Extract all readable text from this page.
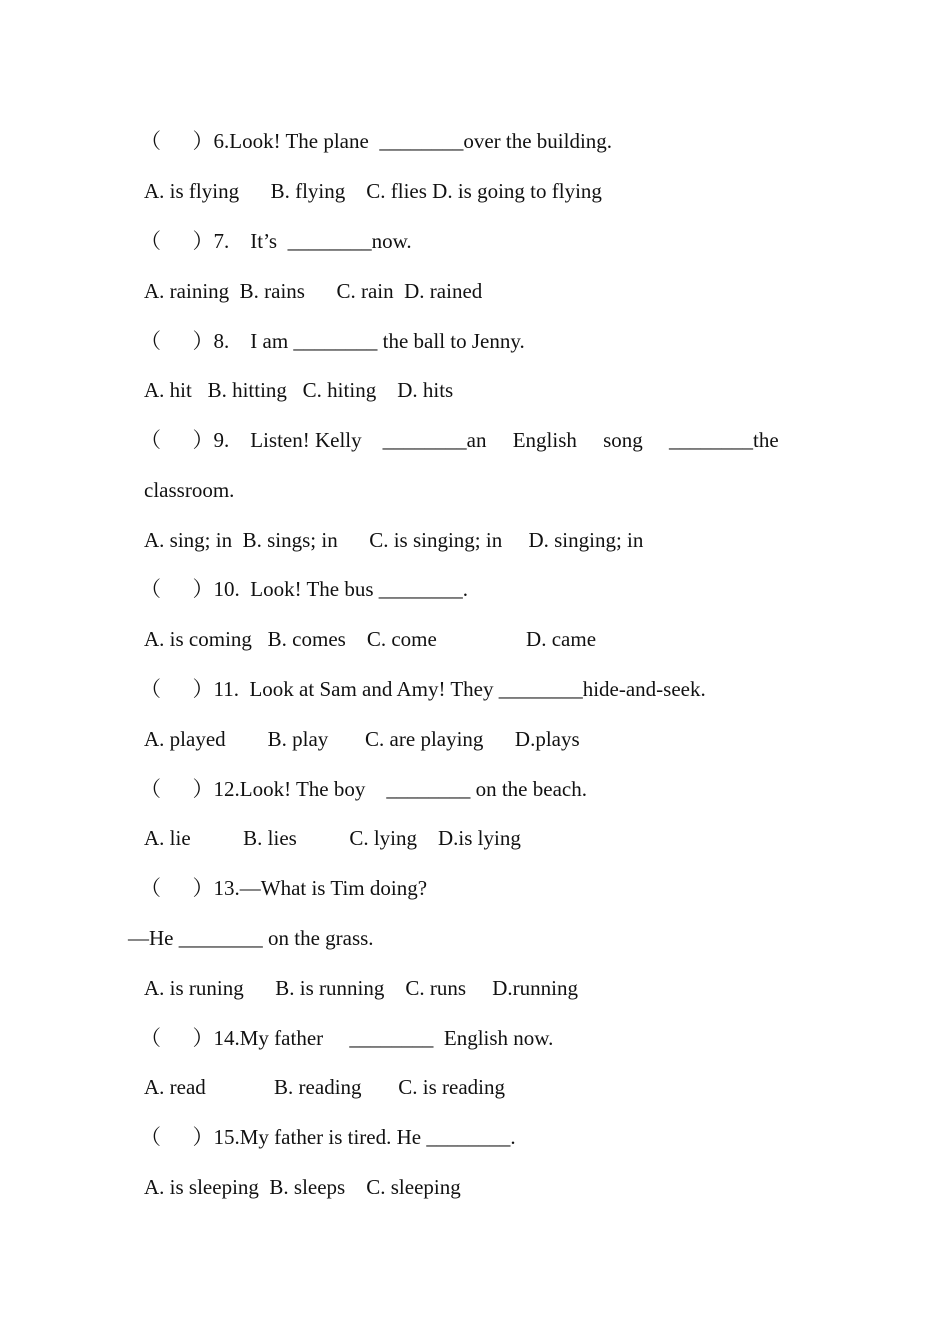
（      ）6.Look! The plane  ________over the building.
A. is flying      B. flying    C. flies D. is going to flying
（      ）7.    It’s  ________now.
A. raining  B. rains      C. rain  D. rained
（      ）8.    I am ________ the ball to Jenny.
A. hit   B. hitting   C. hiting    D. hits
（      ）9.    Listen! Kelly    ________an     English     song     ________the
classroom.
A. sing; in  B. sings; in      C. is singing; in     D. singing; in
（      ）10.  Look! The bus ________.
A. is coming   B. comes    C. come                 D. came
（      ）11.  Look at Sam and Amy! They ________hide-and-seek.
A. played        B. play       C. are playing      D.plays
（      ）12.Look! The boy    ________ on the beach.
A. lie          B. lies          C. lying    D.is lying
（      ）13.—What is Tim doing?
—He ________ on the grass.
A. is runing      B. is running    C. runs     D.running
（      ）14.My father     ________  English now.
A. read             B. reading       C. is reading
（      ）15.My father is tired. He ________.
A. is sleeping  B. sleeps    C. sleeping
